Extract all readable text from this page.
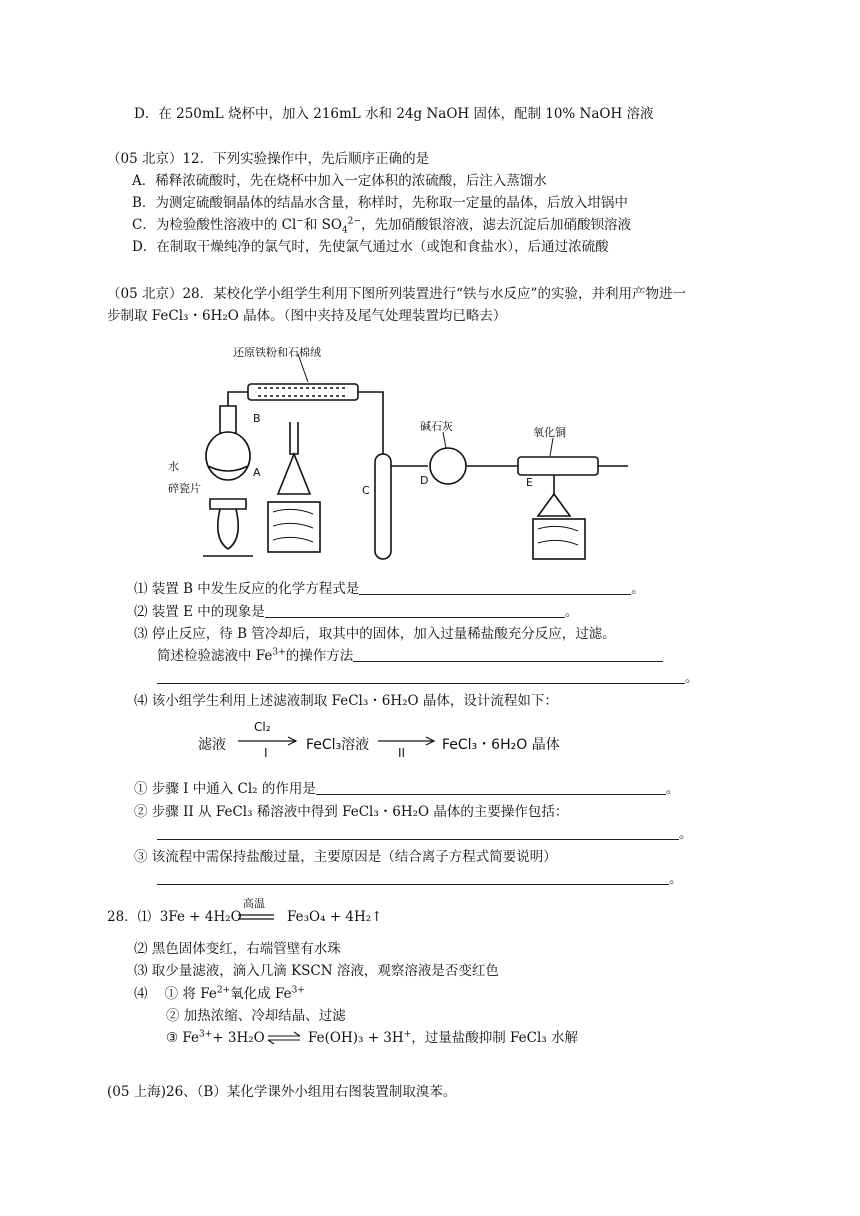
D．在 250mL 烧杯中，加入 216mL 水和 24g NaOH 固体，配制 10% NaOH 溶液
（05 北京）12．下列实验操作中，先后顺序正确的是
A．稀释浓硫酸时，先在烧杯中加入一定体积的浓硫酸，后注入蒸馏水
B．为测定硫酸铜晶体的结晶水含量，称样时，先称取一定量的晶体，后放入坩锅中
C．为检验酸性溶液中的 Cl−和 $SO_4^{2-}$，先加硝酸银溶液，滤去沉淀后加硝酸钡溶液
D．在制取干燥纯净的氯气时，先使氯气通过水（或饱和食盐水），后通过浓硫酸
（05 北京）28．某校化学小组学生利用下图所列装置进行“铁与水反应”的实验，并利用产物进一
步制取 FeCl₃・6H₂O 晶体。（图中夹持及尾气处理装置均已略去）
还原铁粉和石棉绒
碱石灰	氧化铜
水
碎瓷片
A
B
C
D	E
⑴ 装置 B 中发生反应的化学方程式是	。
⑵ 装置 E 中的现象是	。
⑶ 停止反应，待 B 管冷却后，取其中的固体，加入过量稀盐酸充分反应，过滤。
简述检验滤液中 $Fe^{3+}$的操作方法
。
⑷ 该小组学生利用上述滤液制取 FeCl₃・6H₂O 晶体，设计流程如下：
滤液
Cl₂
I	FeCl₃溶液 II	FeCl₃・6H₂O 晶体
① 步骤 I 中通入 Cl₂ 的作用是	。
② 步骤 II 从 FeCl₃ 稀溶液中得到 FeCl₃・6H₂O 晶体的主要操作包括：
。
③ 该流程中需保持盐酸过量，主要原因是（结合离子方程式简要说明）
。
28．⑴ 3Fe + 4H₂O
高温
Fe₃O₄ + 4H₂↑
⑵ 黑色固体变红，右端管壁有水珠
⑶ 取少量滤液，滴入几滴 KSCN 溶液，观察溶液是否变红色
⑷ ① 将 $Fe^{2+}$氧化成 $Fe^{3+}$
② 加热浓缩、冷却结晶、过滤
③ $Fe^{3+}+ 3H_2O$ ⇌ Fe(OH)₃ + 3H+，过量盐酸抑制 FeCl₃ 水解
(05 上海)26、（B）某化学课外小组用右图装置制取溴苯。
